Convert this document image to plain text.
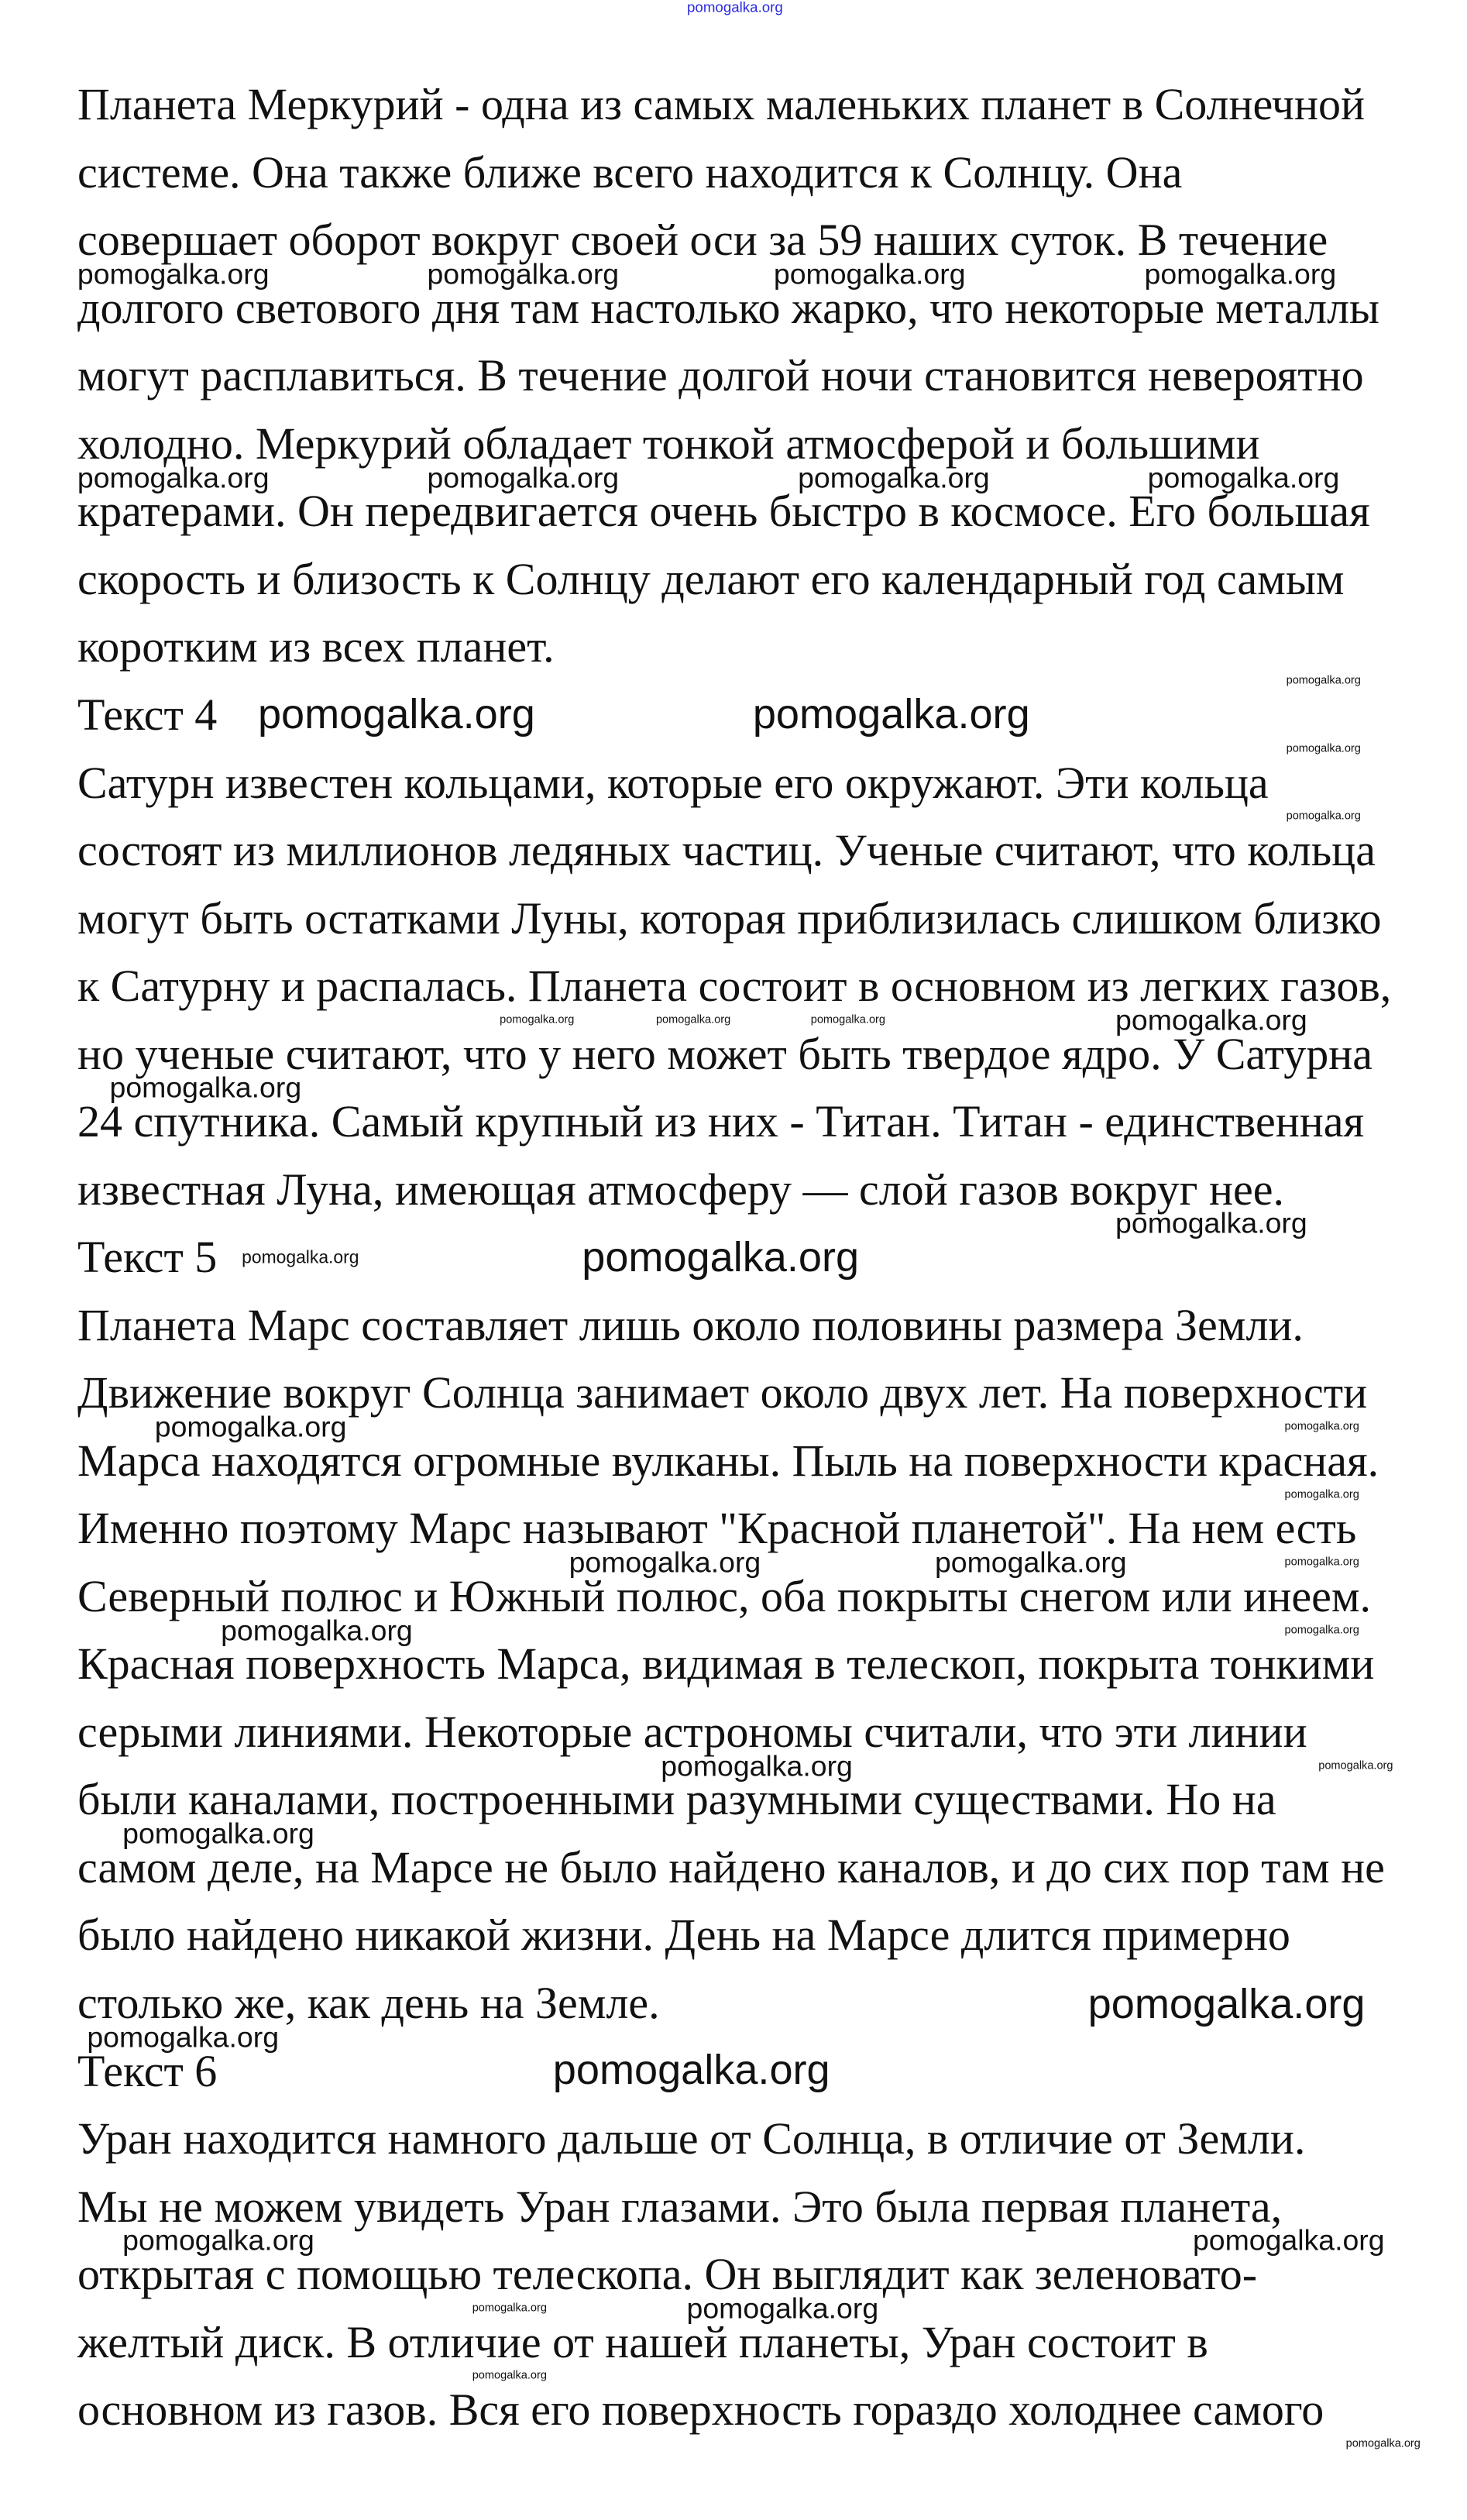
Планета Меркурий - одна из самых маленьких планет в Солнечной
системе. Она также ближе всего находится к Солнцу. Она
совершает оборот вокруг своей оси за 59 наших суток. В течение
долгого светового дня там настолько жарко, что некоторые металлы
могут расплавиться. В течение долгой ночи становится невероятно
холодно. Меркурий обладает тонкой атмосферой и большими
кратерами. Он передвигается очень быстро в космосе. Его большая
скорость и близость к Солнцу делают его календарный год самым
коротким из всех планет.
Текст 4
Сатурн известен кольцами, которые его окружают. Эти кольца
состоят из миллионов ледяных частиц. Ученые считают, что кольца
могут быть остатками Луны, которая приблизилась слишком близко
к Сатурну и распалась. Планета состоит в основном из легких газов,
но ученые считают, что у него может быть твердое ядро. У Сатурна
24 спутника. Самый крупный из них - Титан. Титан - единственная
известная Луна, имеющая атмосферу — слой газов вокруг нее.
Текст 5
Планета Марс составляет лишь около половины размера Земли.
Движение вокруг Солнца занимает около двух лет. На поверхности
Марса находятся огромные вулканы. Пыль на поверхности красная.
Именно поэтому Марс называют "Красной планетой". На нем есть
Северный полюс и Южный полюс, оба покрыты снегом или инеем.
Красная поверхность Марса, видимая в телескоп, покрыта тонкими
серыми линиями. Некоторые астрономы считали, что эти линии
были каналами, построенными разумными существами. Но на
самом деле, на Марсе не было найдено каналов, и до сих пор там не
было найдено никакой жизни. День на Марсе длится примерно
столько же, как день на Земле.
Текст 6
Уран находится намного дальше от Солнца, в отличие от Земли.
Мы не можем увидеть Уран глазами. Это была первая планета,
открытая с помощью телескопа. Он выглядит как зеленовато-
желтый диск. В отличие от нашей планеты, Уран состоит в
основном из газов. Вся его поверхность гораздо холоднее самого
pomogalka.org
pomogalka.org	pomogalka.org	pomogalka.org	pomogalka.org
pomogalka.org	pomogalka.org	pomogalka.org	pomogalka.org
pomogalka.org
pomogalka.org	pomogalka.org
pomogalka.org
pomogalka.org
pomogalka.org	pomogalka.org	pomogalka.org	pomogalka.org
pomogalka.org
pomogalka.org
pomogalka.org	pomogalka.org
pomogalka.org
pomogalka.org
pomogalka.org
pomogalka.org	pomogalka.org	pomogalka.org
pomogalka.org	pomogalka.org
pomogalka.org
pomogalka.org
pomogalka.org
pomogalka.org
pomogalka.org
pomogalka.org
pomogalka.org	pomogalka.org
pomogalka.org	pomogalka.org
pomogalka.org
pomogalka.org
